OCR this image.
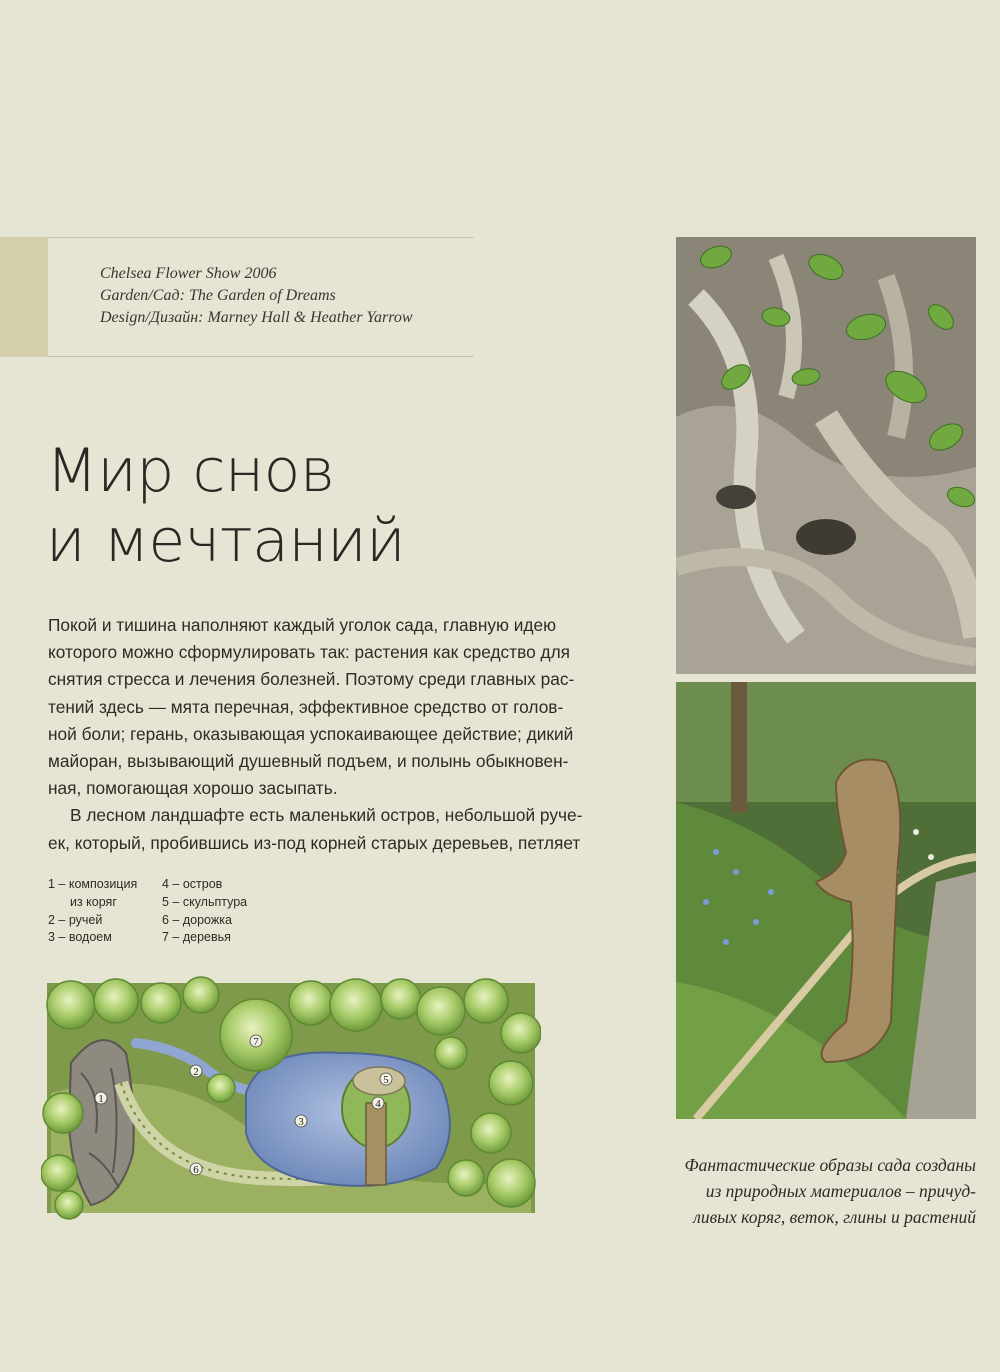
Chelsea Flower Show 2006
Garden/Сад: The Garden of Dreams
Design/Дизайн: Marney Hall & Heather Yarrow
Мир снов
и мечтаний

Покой и тишина наполняют каждый уголок сада, главную идею

которого можно сформулировать так: растения как средство для

снятия стресса и лечения болезней. Поэтому среди главных рас-

тений здесь — мята перечная, эффективное средство от голов-

ной боли; герань, оказывающая успокаивающее действие; дикий

майоран, вызывающий душевный подъем, и полынь обыкновен-

ная, помогающая хорошо засыпать.

В лесном ландшафте есть маленький остров, небольшой руче-

ек, который, пробившись из-под корней старых деревьев, петляет

1 – композиция
из коряг
2 – ручей
3 – водоем
4 – остров
5 – скульптура
6 – дорожка
7 – деревья
1
2
3
4
5
6
7
Фантастические образы сада созданы
из природных материалов – причуд-
ливых коряг, веток, глины и растений
